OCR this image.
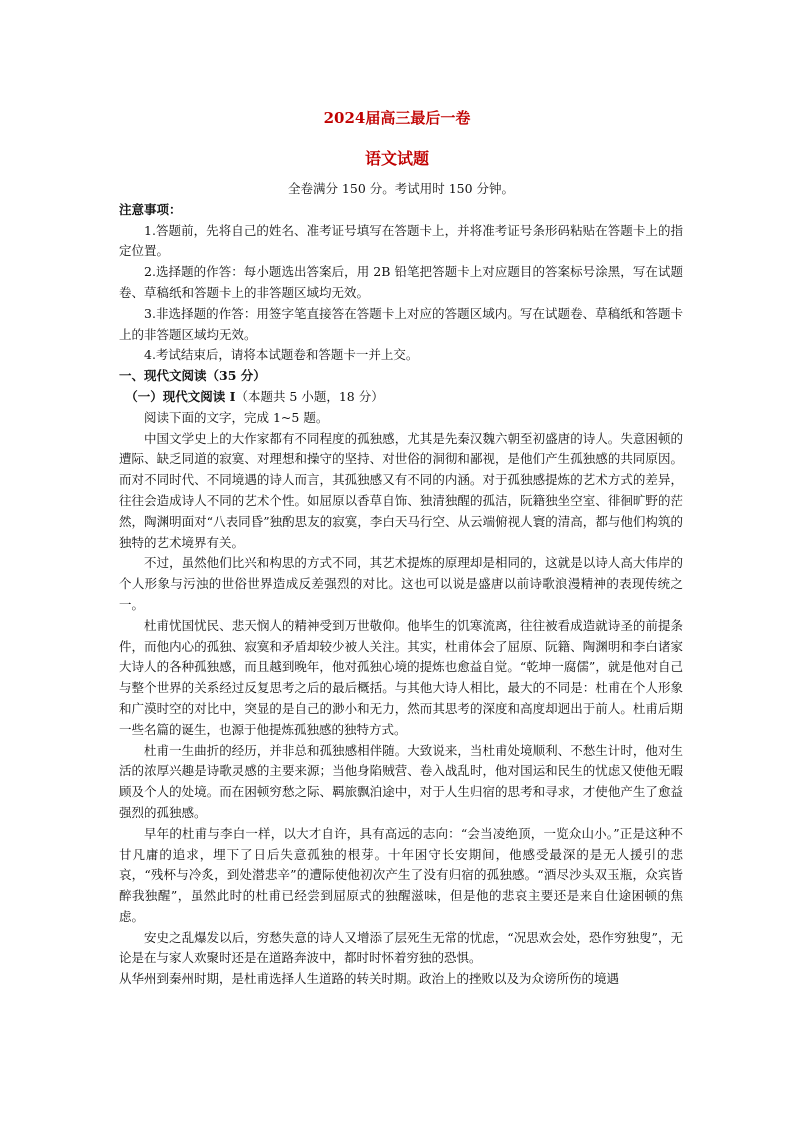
2024届高三最后一卷
语文试题

全卷满分 150 分。考试用时 150 分钟。

注意事项：

1.答题前，先将自己的姓名、准考证号填写在答题卡上，并将准考证号条形码粘贴在答题卡上的指定位置。

2.选择题的作答：每小题选出答案后，用 2B 铅笔把答题卡上对应题目的答案标号涂黑，写在试题卷、草稿纸和答题卡上的非答题区域均无效。

3.非选择题的作答：用签字笔直接答在答题卡上对应的答题区域内。写在试题卷、草稿纸和答题卡上的非答题区域均无效。

4.考试结束后，请将本试题卷和答题卡一并上交。

一、现代文阅读（35 分）

（一）现代文阅读 I（本题共 5 小题，18 分）

阅读下面的文字，完成 1~5 题。

中国文学史上的大作家都有不同程度的孤独感，尤其是先秦汉魏六朝至初盛唐的诗人。失意困顿的遭际、缺乏同道的寂寞、对理想和操守的坚持、对世俗的洞彻和鄙视，是他们产生孤独感的共同原因。而对不同时代、不同境遇的诗人而言，其孤独感又有不同的内涵。对于孤独感提炼的艺术方式的差异，往往会造成诗人不同的艺术个性。如屈原以香草自饰、独清独醒的孤洁，阮籍独坐空室、徘徊旷野的茫然，陶渊明面对“八表同昏”独酌思友的寂寞，李白天马行空、从云端俯视人寰的清高，都与他们构筑的独特的艺术境界有关。

不过，虽然他们比兴和构思的方式不同，其艺术提炼的原理却是相同的，这就是以诗人高大伟岸的个人形象与污浊的世俗世界造成反差强烈的对比。这也可以说是盛唐以前诗歌浪漫精神的表现传统之一。

杜甫忧国忧民、悲天悯人的精神受到万世敬仰。他毕生的饥寒流离，往往被看成造就诗圣的前提条件，而他内心的孤独、寂寞和矛盾却较少被人关注。其实，杜甫体会了屈原、阮籍、陶渊明和李白诸家大诗人的各种孤独感，而且越到晚年，他对孤独心境的提炼也愈益自觉。“乾坤一腐儒”，就是他对自己与整个世界的关系经过反复思考之后的最后概括。与其他大诗人相比，最大的不同是：杜甫在个人形象和广漠时空的对比中，突显的是自己的渺小和无力，然而其思考的深度和高度却迥出于前人。杜甫后期一些名篇的诞生，也源于他提炼孤独感的独特方式。

杜甫一生曲折的经历，并非总和孤独感相伴随。大致说来，当杜甫处境顺利、不愁生计时，他对生活的浓厚兴趣是诗歌灵感的主要来源；当他身陷贼营、卷入战乱时，他对国运和民生的忧虑又使他无暇顾及个人的处境。而在困顿穷愁之际、羁旅飘泊途中，对于人生归宿的思考和寻求，才使他产生了愈益强烈的孤独感。

早年的杜甫与李白一样，以大才自许，具有高远的志向：“会当凌绝顶，一览众山小。”正是这种不甘凡庸的追求，埋下了日后失意孤独的根芽。十年困守长安期间，他感受最深的是无人援引的悲哀，“残杯与冷炙，到处潜悲辛”的遭际使他初次产生了没有归宿的孤独感。“酒尽沙头双玉瓶，众宾皆醉我独醒”，虽然此时的杜甫已经尝到屈原式的独醒滋味，但是他的悲哀主要还是来自仕途困顿的焦虑。

安史之乱爆发以后，穷愁失意的诗人又增添了层死生无常的忧虑，“况思欢会处，恐作穷独叟”，无论是在与家人欢聚时还是在道路奔波中，都时时怀着穷独的恐惧。

从华州到秦州时期，是杜甫选择人生道路的转关时期。政治上的挫败以及为众谤所伤的境遇
